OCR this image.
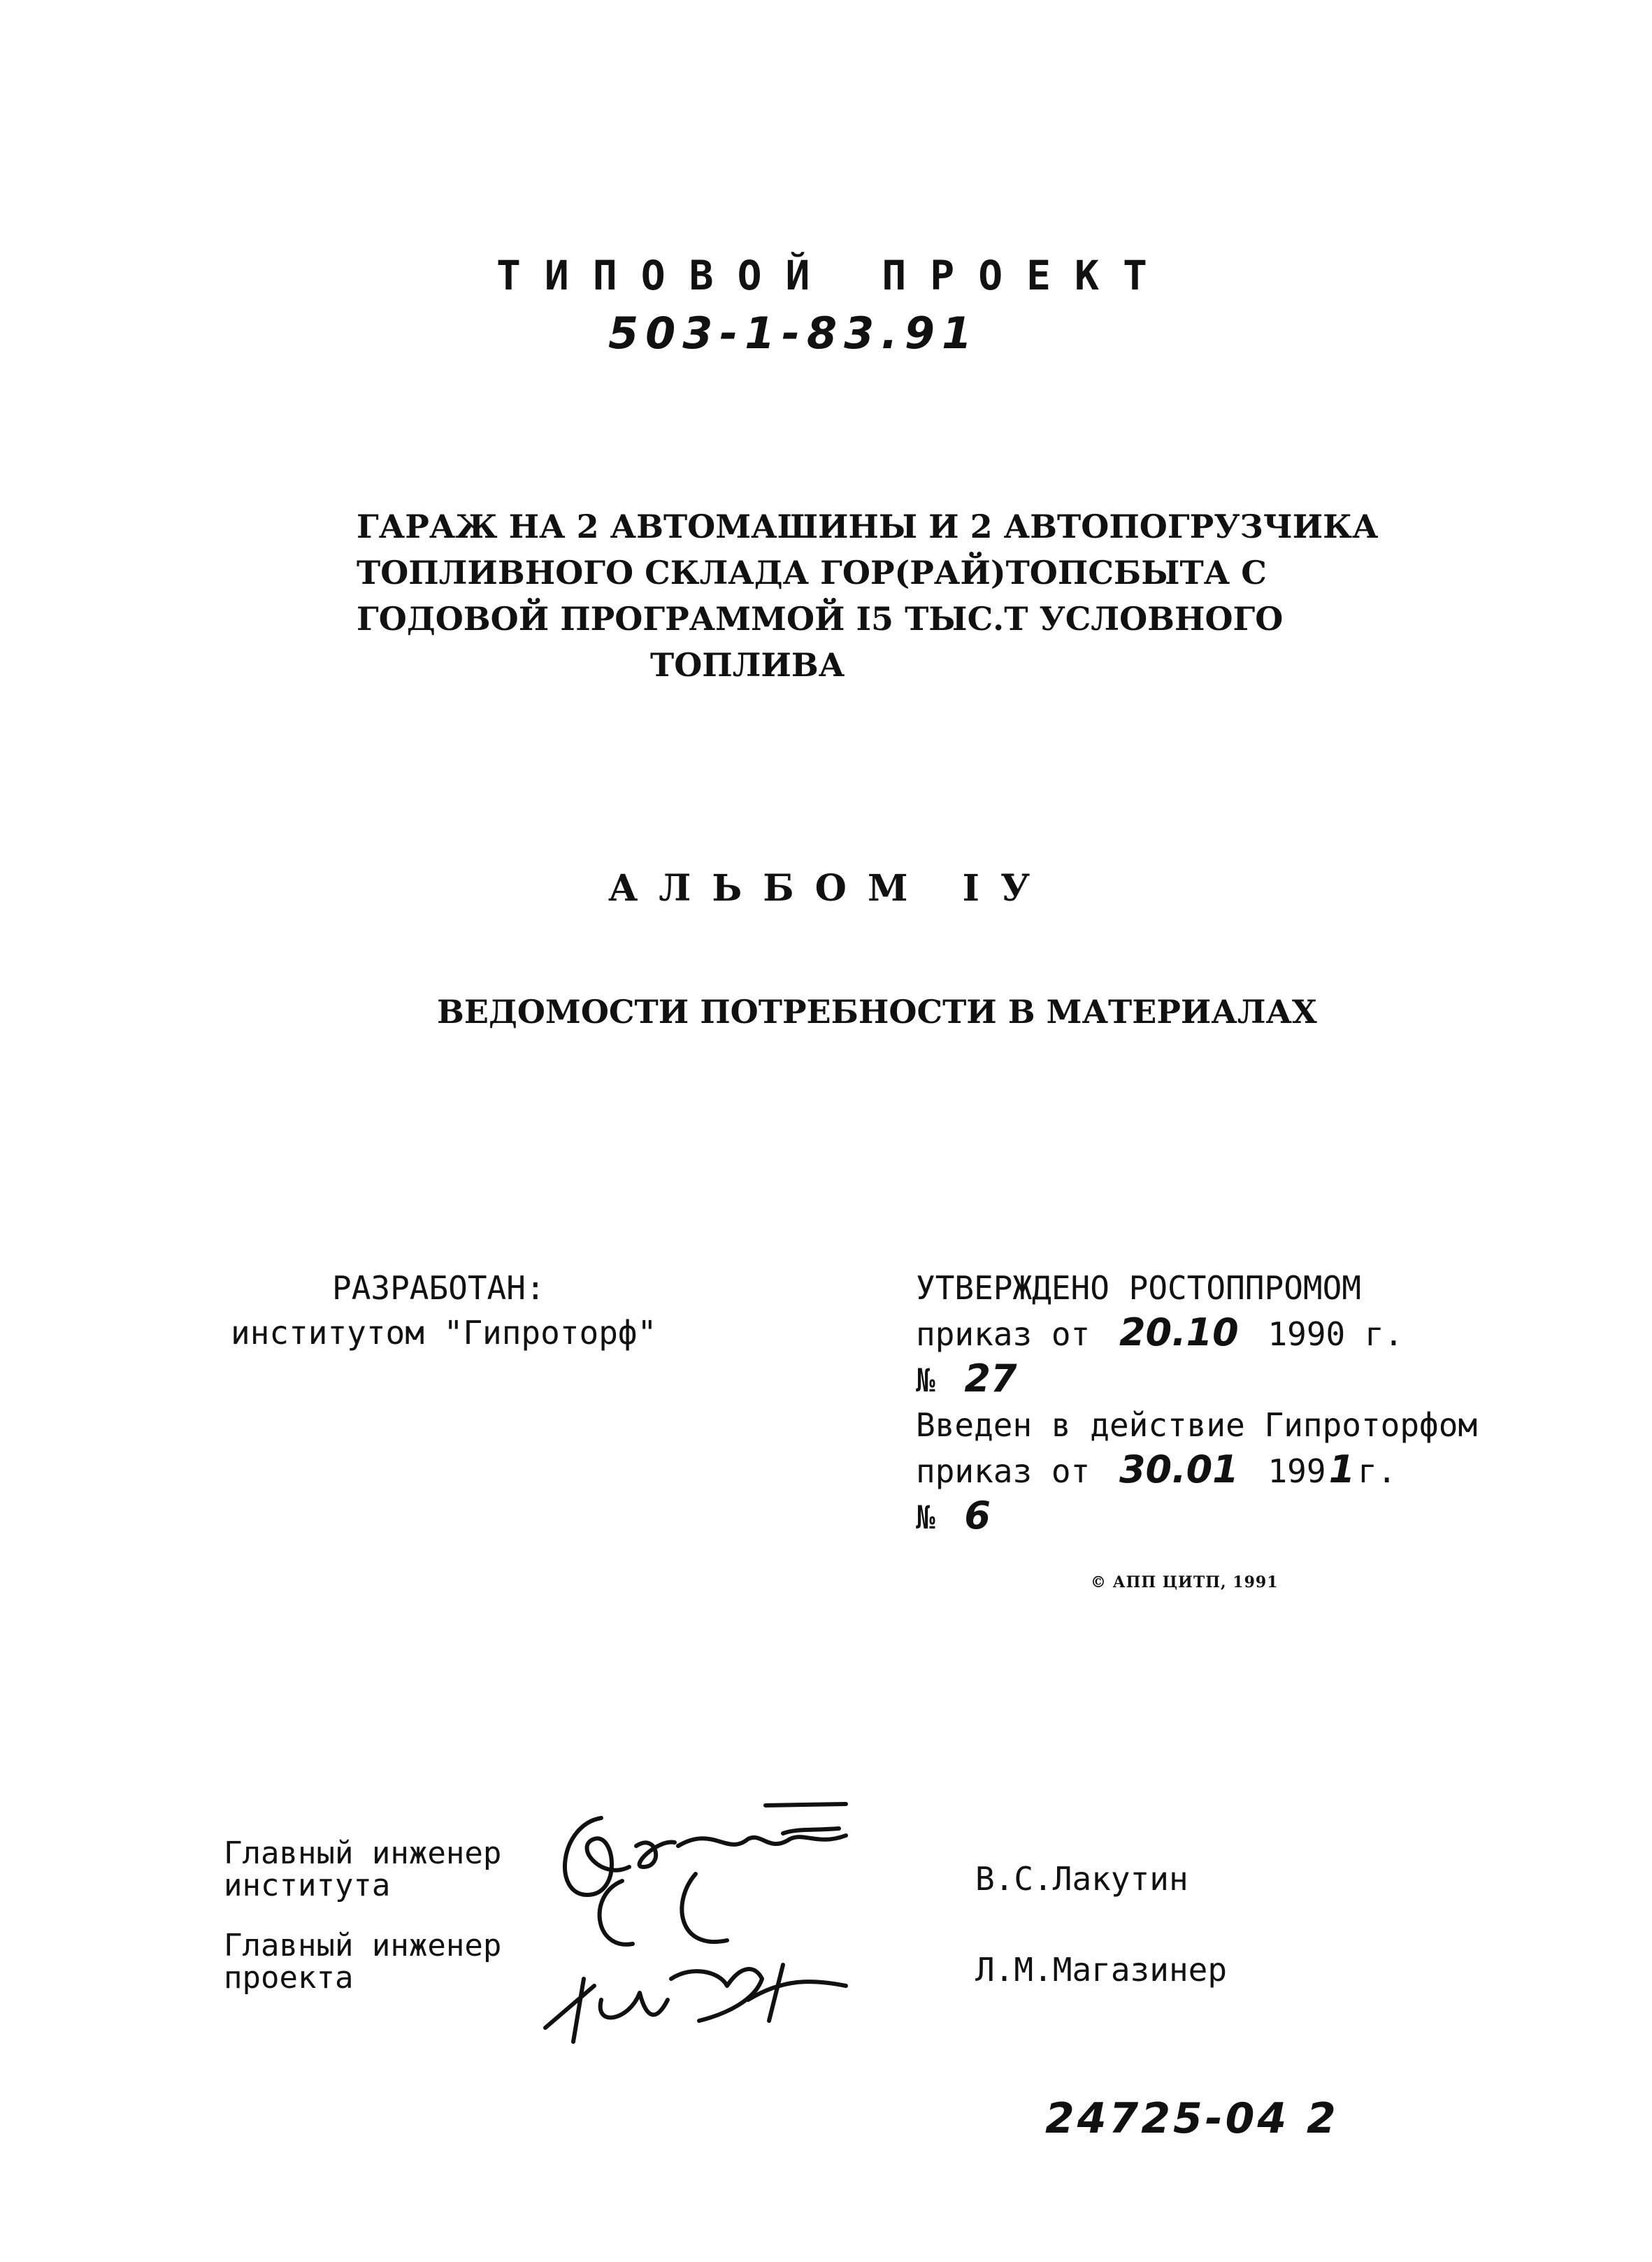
ТИПОВОЙ ПРОЕКТ
503-1-83.91
ГАРАЖ НА 2 АВТОМАШИНЫ И 2 АВТОПОГРУЗЧИКА
ТОПЛИВНОГО СКЛАДА ГОР(РАЙ)ТОПСБЫТА С
ГОДОВОЙ ПРОГРАММОЙ I5 ТЫС.Т УСЛОВНОГО
ТОПЛИВА
АЛЬБОМ IУ
ВЕДОМОСТИ ПОТРЕБНОСТИ В МАТЕРИАЛАХ
РАЗРАБОТАН:
институтом "Гипроторф"
УТВЕРЖДЕНО РОСТОППРОМОМ
приказ от 20.10 1990 г.
№ 27
Введен в действие Гипроторфом
приказ от 30.01 1991г.
№ 6
© АПП ЦИТП, 1991
Главный инженер
института	В.С.Лакутин
Главный инженер
проекта	Л.М.Магазинер
24725-04 2
